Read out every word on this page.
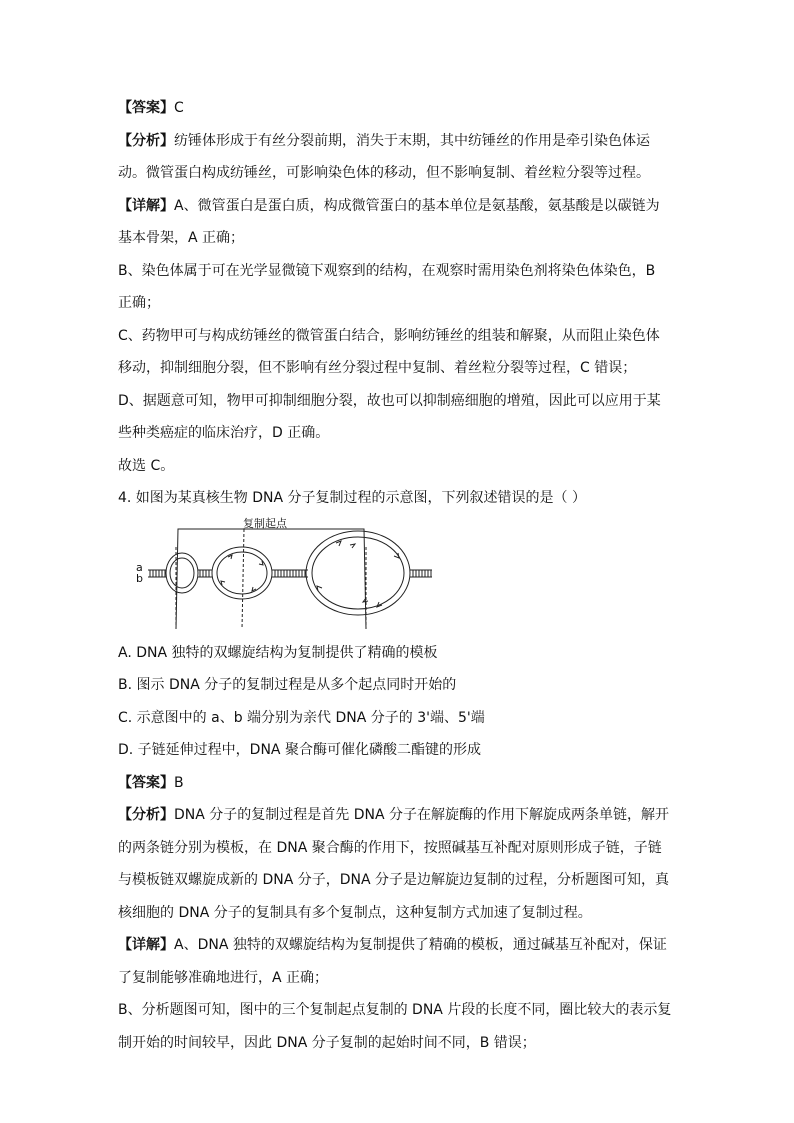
【答案】C
【分析】纺锤体形成于有丝分裂前期，消失于末期，其中纺锤丝的作用是牵引染色体运
动。微管蛋白构成纺锤丝，可影响染色体的移动，但不影响复制、着丝粒分裂等过程。
【详解】A、微管蛋白是蛋白质，构成微管蛋白的基本单位是氨基酸，氨基酸是以碳链为
基本骨架，A 正确；
B、染色体属于可在光学显微镜下观察到的结构，在观察时需用染色剂将染色体染色，B
正确；
C、药物甲可与构成纺锤丝的微管蛋白结合，影响纺锤丝的组装和解聚，从而阻止染色体
移动，抑制细胞分裂，但不影响有丝分裂过程中复制、着丝粒分裂等过程，C 错误；
D、据题意可知，物甲可抑制细胞分裂，故也可以抑制癌细胞的增殖，因此可以应用于某
些种类癌症的临床治疗，D 正确。
故选 C。
4. 如图为某真核生物 DNA 分子复制过程的示意图，下列叙述错误的是（ ）
复制起点
a
b
A. DNA 独特的双螺旋结构为复制提供了精确的模板
B. 图示 DNA 分子的复制过程是从多个起点同时开始的
C. 示意图中的 a、b 端分别为亲代 DNA 分子的 3'端、5'端
D. 子链延伸过程中，DNA 聚合酶可催化磷酸二酯键的形成
【答案】B
【分析】DNA 分子的复制过程是首先 DNA 分子在解旋酶的作用下解旋成两条单链，解开
的两条链分别为模板，在 DNA 聚合酶的作用下，按照碱基互补配对原则形成子链，子链
与模板链双螺旋成新的 DNA 分子，DNA 分子是边解旋边复制的过程，分析题图可知，真
核细胞的 DNA 分子的复制具有多个复制点，这种复制方式加速了复制过程。
【详解】A、DNA 独特的双螺旋结构为复制提供了精确的模板，通过碱基互补配对，保证
了复制能够准确地进行，A 正确；
B、分析题图可知，图中的三个复制起点复制的 DNA 片段的长度不同，圈比较大的表示复
制开始的时间较早，因此 DNA 分子复制的起始时间不同，B 错误；
